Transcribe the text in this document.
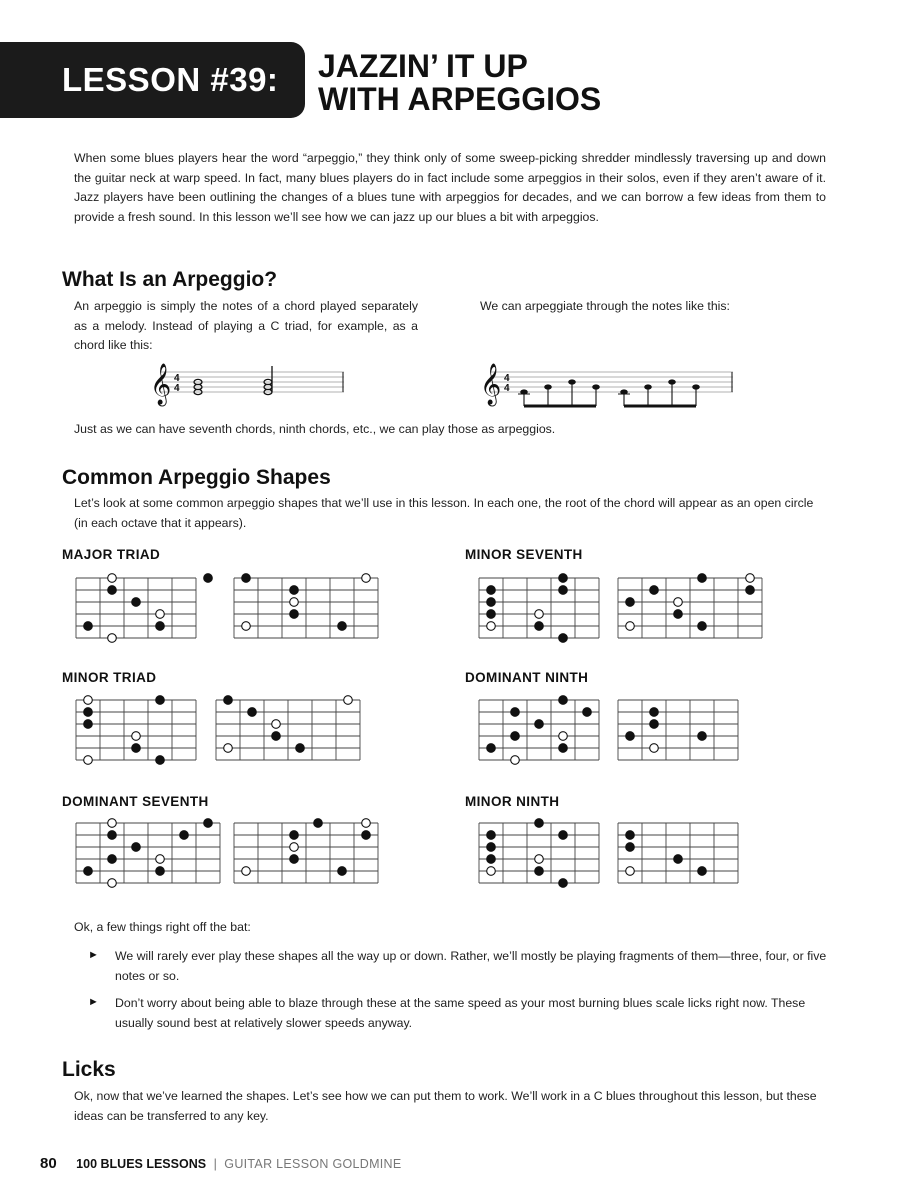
LESSON #39: JAZZIN’ IT UP
WITH ARPEGGIOS
When some blues players hear the word “arpeggio,” they think only of some sweep-picking shredder mindlessly traversing up and down the guitar neck at warp speed. In fact, many blues players do in fact include some arpeggios in their solos, even if they aren’t aware of it. Jazz players have been outlining the changes of a blues tune with arpeggios for decades, and we can borrow a few ideas from them to provide a fresh sound. In this lesson we’ll see how we can jazz up our blues a bit with arpeggios.
What Is an Arpeggio?
An arpeggio is simply the notes of a chord played separately as a melody. Instead of playing a C triad, for example, as a chord like this:
We can arpeggiate through the notes like this:
𝄞 4
4	𝄞 4
4
Just as we can have seventh chords, ninth chords, etc., we can play those as arpeggios.
Common Arpeggio Shapes
Let’s look at some common arpeggio shapes that we’ll use in this lesson. In each one, the root of the chord will appear as an open circle (in each octave that it appears).
MAJOR TRIAD	MINOR SEVENTH
MINOR TRIAD	DOMINANT NINTH
DOMINANT SEVENTH	MINOR NINTH
Ok, a few things right off the bat:
► We will rarely ever play these shapes all the way up or down. Rather, we’ll mostly be playing fragments of them—three, four, or five notes or so.
► Don’t worry about being able to blaze through these at the same speed as your most burning blues scale licks right now. These usually sound best at relatively slower speeds anyway.
Licks
Ok, now that we’ve learned the shapes. Let’s see how we can put them to work. We’ll work in a C blues throughout this lesson, but these ideas can be transferred to any key.
80 100 BLUES LESSONS | GUITAR LESSON GOLDMINE
